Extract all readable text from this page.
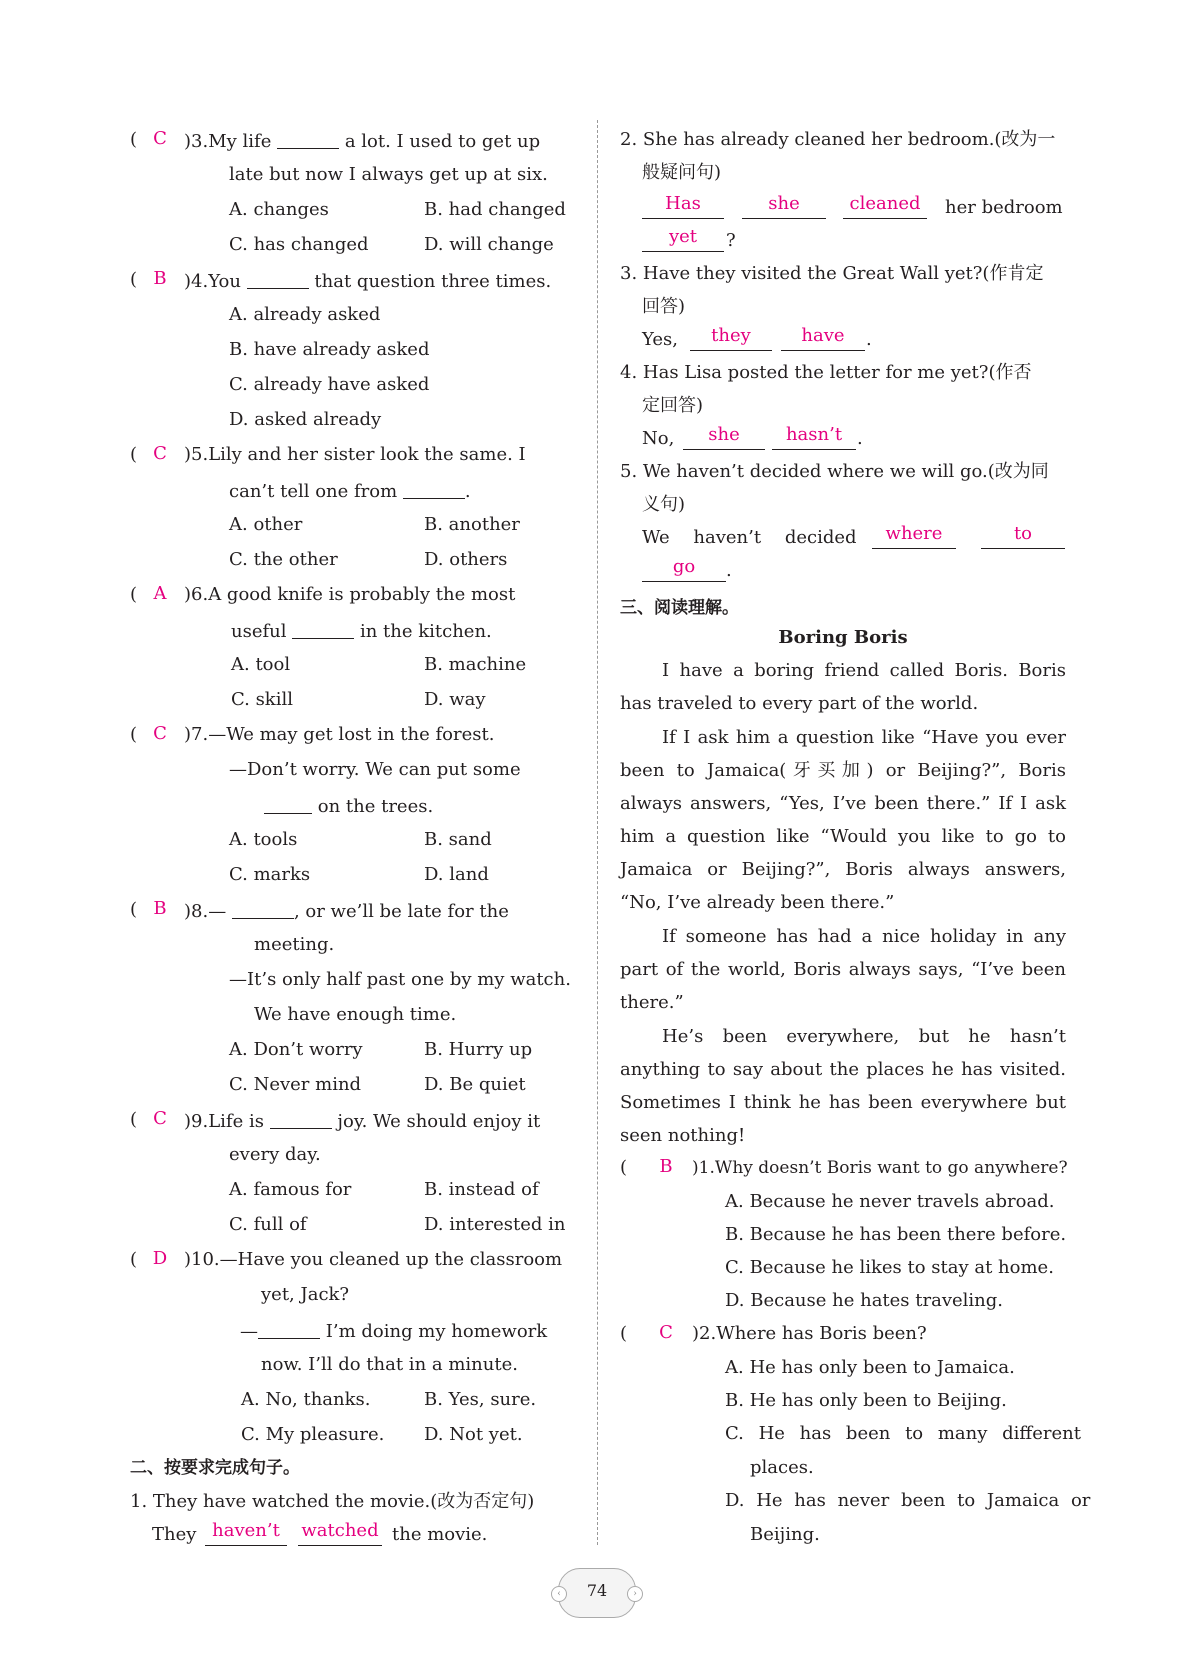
( C )3.My life	a lot. I used to get up
late but now I always get up at six.
A. changes	B. had changed
C. has changed	D. will change
( B )4.You	that question three times.
A. already asked
B. have already asked
C. already have asked
D. asked already
( C )5.Lily and her sister look the same. I
can’t tell one from	.
A. other	B. another
C. the other	D. others
( A )6.A good knife is probably the most
useful	in the kitchen.
A. tool	B. machine
C. skill	D. way
( C )7.—We may get lost in the forest.
—Don’t worry. We can put some
on the trees.
A. tools	B. sand
C. marks	D. land
( B )8.—	, or we’ll be late for the
meeting.
—It’s only half past one by my watch.
We have enough time.
A. Don’t worry	B. Hurry up
C. Never mind	D. Be quiet
( C )9.Life is	joy. We should enjoy it
every day.
A. famous for	B. instead of
C. full of	D. interested in
( D )10.—Have you cleaned up the classroom
yet, Jack?
—	I’m doing my homework
now. I’ll do that in a minute.
A. No, thanks.	B. Yes, sure.
C. My pleasure. D. Not yet.
二、按要求完成句子。
1. They have watched the movie.(改为否定句)
They haven’t	watched the movie.
2. She has already cleaned her bedroom.(改为一
般疑问句)
Has	she	cleaned	her bedroom
yet	?
3. Have they visited the Great Wall yet?(作肯定
回答)
Yes,	they	have	.
4. Has Lisa posted the letter for me yet?(作否
定回答)
No,	she	hasn’t .
5. We haven’t decided where we will go.(改为同
义句)
We haven’t decided	where	to
go	.
三、阅读理解。
Boring Boris
I have a boring friend called Boris. Boris has traveled to every part of the world.
If I ask him a question like “Have you ever been to Jamaica(牙买加) or Beijing?”, Boris always answers, “Yes, I’ve been there.” If I ask him a question like “Would you like to go to Jamaica or Beijing?”, Boris always answers, “No, I’ve already been there.”
If someone has had a nice holiday in any part of the world, Boris always says, “I’ve been there.”
He’s been everywhere, but he hasn’t anything to say about the places he has visited. Sometimes I think he has been everywhere but seen nothing!
( B	)1.Why doesn’t Boris want to go anywhere?
A. Because he never travels abroad.
B. Because he has been there before.
C. Because he likes to stay at home.
D. Because he hates traveling.
( C )2.Where has Boris been?
A. He has only been to Jamaica.
B. He has only been to Beijing.
C. He has been to many different
places.
D. He has never been to Jamaica or
Beijing.
‹	74	›
